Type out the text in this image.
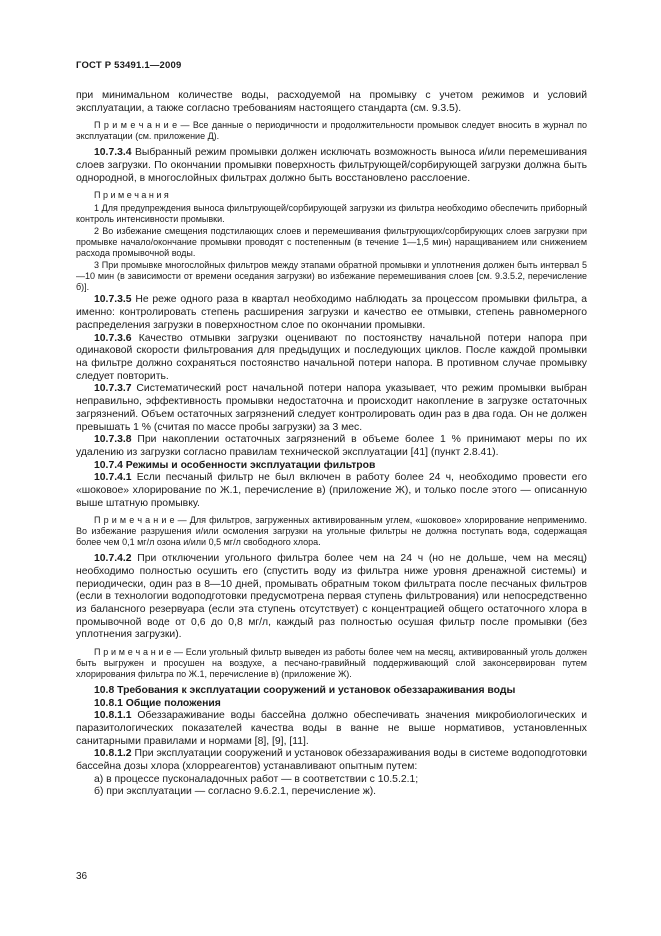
ГОСТ Р 53491.1—2009

при минимальном количестве воды, расходуемой на промывку с учетом режимов и условий эксплуатации, а также согласно требованиям настоящего стандарта (см. 9.3.5).

П р и м е ч а н и е — Все данные о периодичности и продолжительности промывок следует вносить в журнал по эксплуатации (см. приложение Д).

10.7.3.4 Выбранный режим промывки должен исключать возможность выноса и/или перемешивания слоев загрузки. По окончании промывки поверхность фильтрующей/сорбирующей загрузки должна быть однородной, в многослойных фильтрах должно быть восстановлено расслоение.

П р и м е ч а н и я

1 Для предупреждения выноса фильтрующей/сорбирующей загрузки из фильтра необходимо обеспечить приборный контроль интенсивности промывки.

2 Во избежание смещения подстилающих слоев и перемешивания фильтрующих/сорбирующих слоев загрузки при промывке начало/окончание промывки проводят с постепенным (в течение 1—1,5 мин) наращиванием или снижением расхода промывочной воды.

3 При промывке многослойных фильтров между этапами обратной промывки и уплотнения должен быть интервал 5—10 мин (в зависимости от времени оседания загрузки) во избежание перемешивания слоев [см. 9.3.5.2, перечисление б)].

10.7.3.5 Не реже одного раза в квартал необходимо наблюдать за процессом промывки фильтра, а именно: контролировать степень расширения загрузки и качество ее отмывки, степень равномерного распределения загрузки в поверхностном слое по окончании промывки.

10.7.3.6 Качество отмывки загрузки оценивают по постоянству начальной потери напора при одинаковой скорости фильтрования для предыдущих и последующих циклов. После каждой промывки на фильтре должно сохраняться постоянство начальной потери напора. В противном случае промывку следует повторить.

10.7.3.7 Систематический рост начальной потери напора указывает, что режим промывки выбран неправильно, эффективность промывки недостаточна и происходит накопление в загрузке остаточных загрязнений. Объем остаточных загрязнений следует контролировать один раз в два года. Он не должен превышать 1 % (считая по массе пробы загрузки) за 3 мес.

10.7.3.8 При накоплении остаточных загрязнений в объеме более 1 % принимают меры по их удалению из загрузки согласно правилам технической эксплуатации [41] (пункт 2.8.41).

10.7.4 Режимы и особенности эксплуатации фильтров

10.7.4.1 Если песчаный фильтр не был включен в работу более 24 ч, необходимо провести его «шоковое» хлорирование по Ж.1, перечисление в) (приложение Ж), и только после этого — описанную выше штатную промывку.

П р и м е ч а н и е — Для фильтров, загруженных активированным углем, «шоковое» хлорирование неприменимо. Во избежание разрушения и/или осмоления загрузки на угольные фильтры не должна поступать вода, содержащая более чем 0,1 мг/л озона и/или 0,5 мг/л свободного хлора.

10.7.4.2 При отключении угольного фильтра более чем на 24 ч (но не дольше, чем на месяц) необходимо полностью осушить его (спустить воду из фильтра ниже уровня дренажной системы) и периодически, один раз в 8—10 дней, промывать обратным током фильтрата после песчаных фильтров (если в технологии водоподготовки предусмотрена первая ступень фильтрования) или непосредственно из балансного резервуара (если эта ступень отсутствует) с концентрацией общего остаточного хлора в промывочной воде от 0,6 до 0,8 мг/л, каждый раз полностью осушая фильтр после промывки (без уплотнения загрузки).

П р и м е ч а н и е — Если угольный фильтр выведен из работы более чем на месяц, активированный уголь должен быть выгружен и просушен на воздухе, а песчано-гравийный поддерживающий слой законсервирован путем хлорирования фильтра по Ж.1, перечисление в) (приложение Ж).

10.8 Требования к эксплуатации сооружений и установок обеззараживания воды

10.8.1 Общие положения

10.8.1.1 Обеззараживание воды бассейна должно обеспечивать значения микробиологических и паразитологических показателей качества воды в ванне не выше нормативов, установленных санитарными правилами и нормами [8], [9], [11].

10.8.1.2 При эксплуатации сооружений и установок обеззараживания воды в системе водоподготовки бассейна дозы хлора (хлорреагентов) устанавливают опытным путем:

а) в процессе пусконаладочных работ — в соответствии с 10.5.2.1;

б) при эксплуатации — согласно 9.6.2.1, перечисление ж).

36
